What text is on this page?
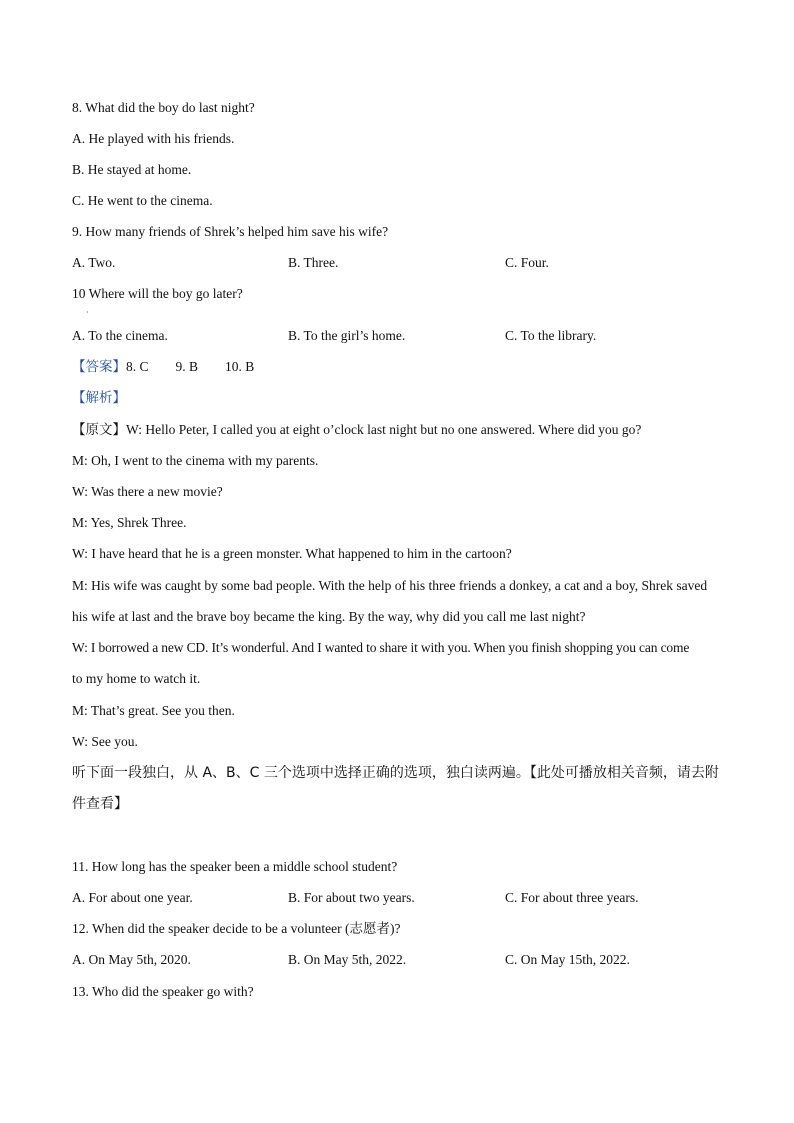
8. What did the boy do last night?
A. He played with his friends.
B. He stayed at home.
C. He went to the cinema.
9. How many friends of Shrek’s helped him save his wife?
A. Two.	B. Three.	C. Four.
10 Where will the boy go later?
·
A. To the cinema.	B. To the girl’s home.	C. To the library.
【答案】8. C        9. B        10. B
【解析】
【原文】W: Hello Peter, I called you at eight o’clock last night but no one answered. Where did you go?
M: Oh, I went to the cinema with my parents.
W: Was there a new movie?
M: Yes, Shrek Three.
W: I have heard that he is a green monster. What happened to him in the cartoon?
M: His wife was caught by some bad people. With the help of his three friends a donkey, a cat and a boy, Shrek saved
his wife at last and the brave boy became the king. By the way, why did you call me last night?
W: I borrowed a new CD. It’s wonderful. And I wanted to share it with you. When you finish shopping you can come
to my home to watch it.
M: That’s great. See you then.
W: See you.
听下面一段独白，从 A、B、C 三个选项中选择正确的选项，独白读两遍。【此处可播放相关音频，请去附
件查看】
11. How long has the speaker been a middle school student?
A. For about one year.	B. For about two years.	C. For about three years.
12. When did the speaker decide to be a volunteer (志愿者)?
A. On May 5th, 2020.	B. On May 5th, 2022.	C. On May 15th, 2022.
13. Who did the speaker go with?
